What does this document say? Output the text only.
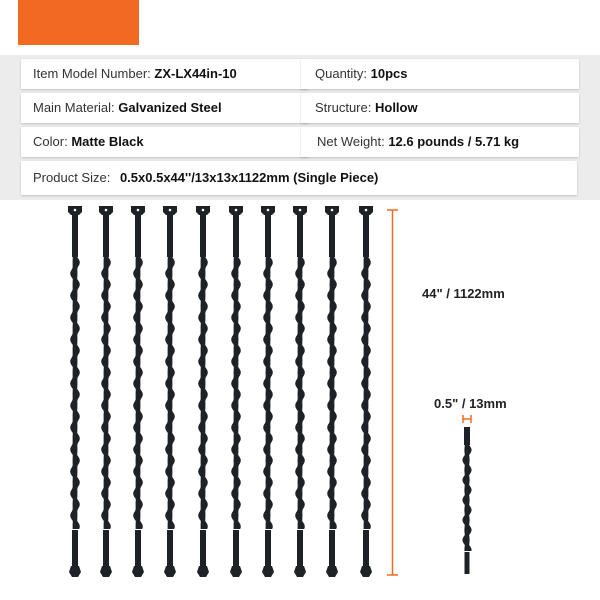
Item Model Number: ZX-LX44in-10	Quantity: 10pcs
Main Material: Galvanized Steel	Structure: Hollow
Color: Matte Black	Net Weight: 12.6 pounds / 5.71 kg
Product Size: 0.5x0.5x44''/13x13x1122mm (Single Piece)
44" / 1122mm
0.5" / 13mm
